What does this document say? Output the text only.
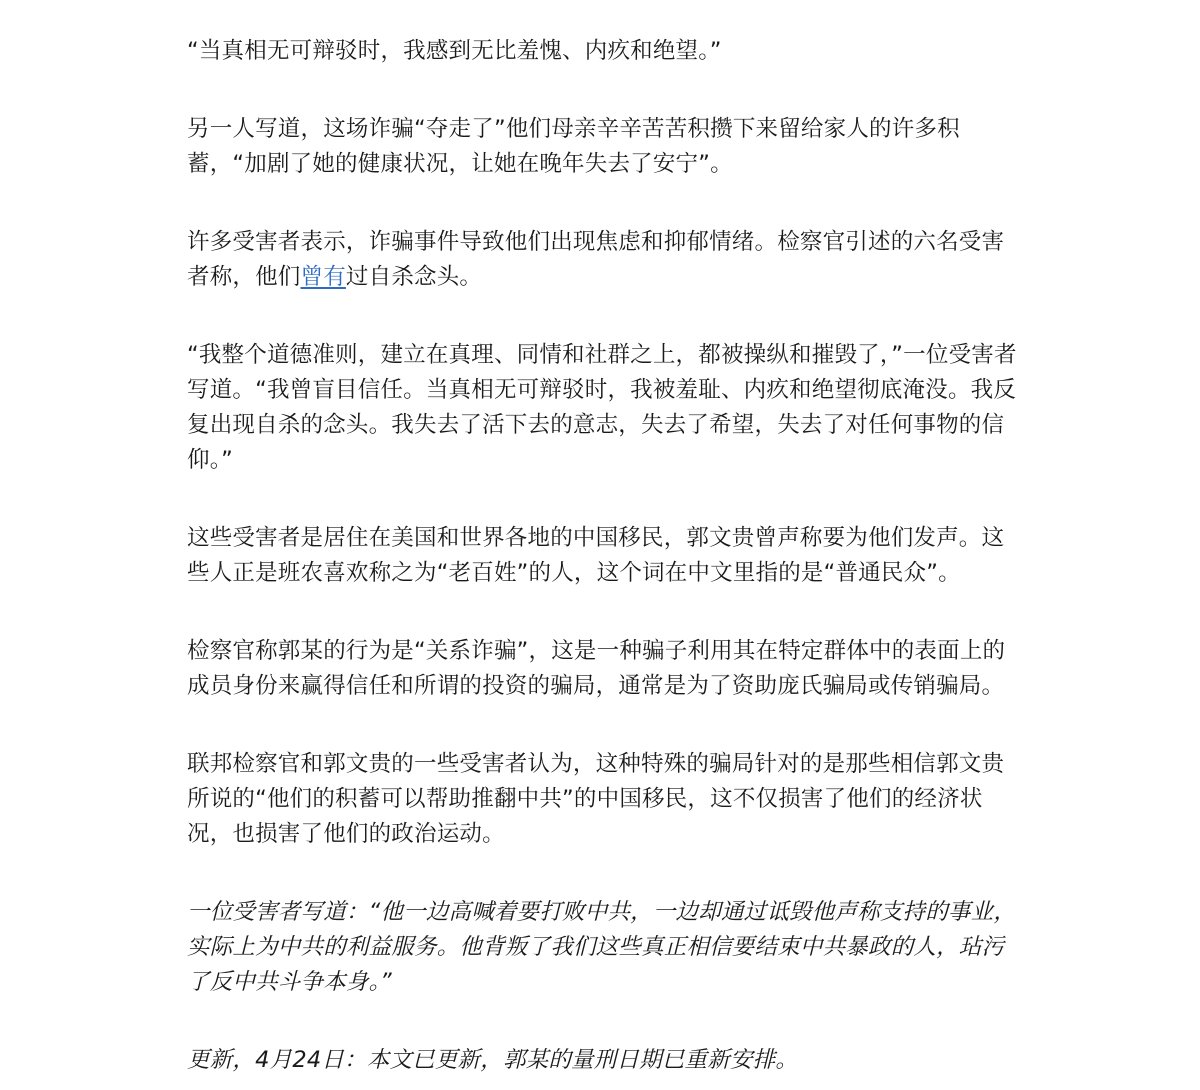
“当真相无可辩驳时，我感到无比羞愧、内疚和绝望。”

另一人写道，这场诈骗“夺走了”他们母亲辛辛苦苦积攒下来留给家人的许多积蓄，“加剧了她的健康状况，让她在晚年失去了安宁”。

许多受害者表示，诈骗事件导致他们出现焦虑和抑郁情绪。检察官引述的六名受害者称，他们曾有过自杀念头。

“我整个道德准则，建立在真理、同情和社群之上，都被操纵和摧毁了，”一位受害者写道。“我曾盲目信任。当真相无可辩驳时，我被羞耻、内疚和绝望彻底淹没。我反复出现自杀的念头。我失去了活下去的意志，失去了希望，失去了对任何事物的信仰。”

这些受害者是居住在美国和世界各地的中国移民，郭文贵曾声称要为他们发声。这些人正是班农喜欢称之为“老百姓”的人，这个词在中文里指的是“普通民众”。

检察官称郭某的行为是“关系诈骗”，这是一种骗子利用其在特定群体中的表面上的成员身份来赢得信任和所谓的投资的骗局，通常是为了资助庞氏骗局或传销骗局。

联邦检察官和郭文贵的一些受害者认为，这种特殊的骗局针对的是那些相信郭文贵所说的“他们的积蓄可以帮助推翻中共”的中国移民，这不仅损害了他们的经济状况，也损害了他们的政治运动。

一位受害者写道：“他一边高喊着要打败中共，一边却通过诋毁他声称支持的事业，实际上为中共的利益服务。他背叛了我们这些真正相信要结束中共暴政的人，玷污了反中共斗争本身。”

更新，4月24日：本文已更新，郭某的量刑日期已重新安排。
